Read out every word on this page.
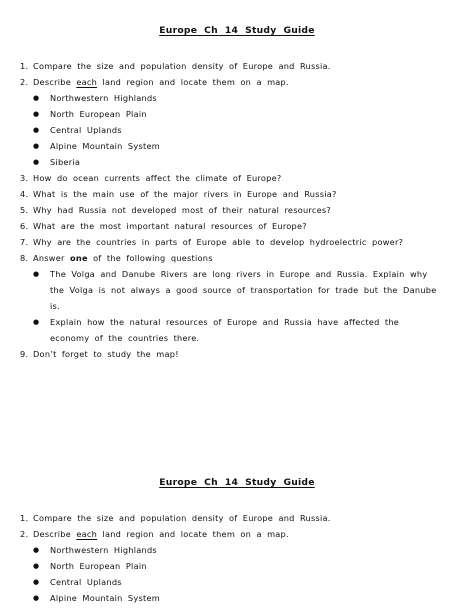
Europe Ch 14 Study Guide
1. Compare the size and population density of Europe and Russia.
2. Describe each land region and locate them on a map.
●	Northwestern Highlands
●	North European Plain
●	Central Uplands
●	Alpine Mountain System
●	Siberia
3. How do ocean currents affect the climate of Europe?
4. What is the main use of the major rivers in Europe and Russia?
5. Why had Russia not developed most of their natural resources?
6. What are the most important natural resources of Europe?
7. Why are the countries in parts of Europe able to develop hydroelectric power?
8. Answer one of the following questions
●	The Volga and Danube Rivers are long rivers in Europe and Russia. Explain why the Volga is not always a good source of transportation for trade but the Danube is.
●	Explain how the natural resources of Europe and Russia have affected the economy of the countries there.
9. Don’t forget to study the map!
Europe Ch 14 Study Guide
1. Compare the size and population density of Europe and Russia.
2. Describe each land region and locate them on a map.
●	Northwestern Highlands
●	North European Plain
●	Central Uplands
●	Alpine Mountain System
